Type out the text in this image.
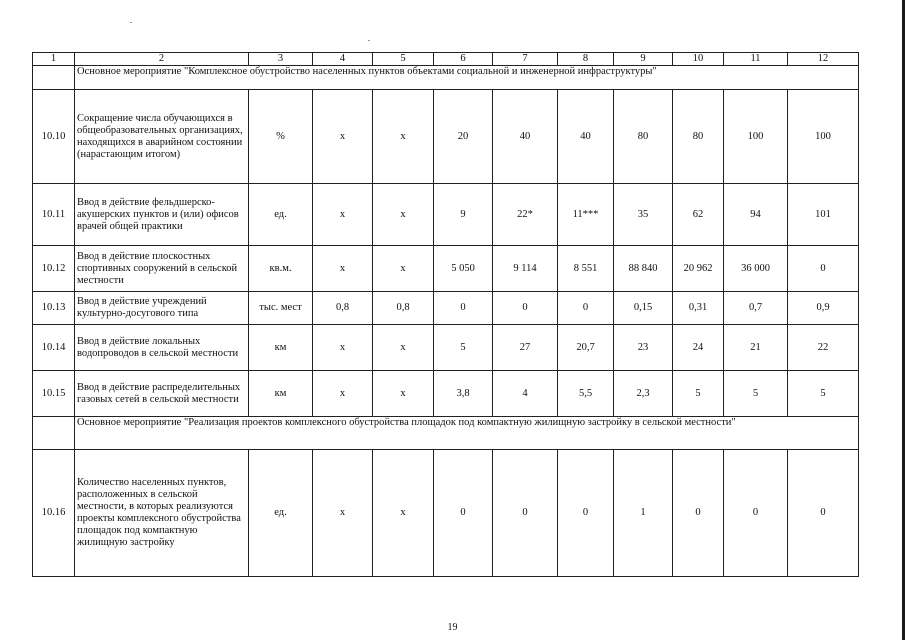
1	2	3	4	5	6	7	8	9	10	11	12
	Основное мероприятие "Комплексное обустройство населенных пунктов объектами социальной и инженерной инфраструктуры"										
10.10	Сокращение числа обучающихся в общеобразовательных организациях, находящихся в аварийном состоянии (нарастающим итогом)	%	х	х	20	40	40	80	80	100	100
10.11	Ввод в действие фельдшерско-акушерских пунктов и (или) офисов врачей общей практики	ед.	х	х	9	22*	11***	35	62	94	101
10.12	Ввод в действие плоскостных спортивных сооружений в сельской местности	кв.м.	х	х	5 050	9 114	8 551	88 840	20 962	36 000	0
10.13	Ввод в действие учреждений культурно-досугового типа	тыс. мест	0,8	0,8	0	0	0	0,15	0,31	0,7	0,9
10.14	Ввод в действие локальных водопроводов в сельской местности	км	х	х	5	27	20,7	23	24	21	22
10.15	Ввод в действие распределительных газовых сетей в сельской местности	км	х	х	3,8	4	5,5	2,3	5	5	5
	Основное мероприятие "Реализация проектов комплексного обустройства площадок под компактную жилищную застройку в сельской местности"										
10.16	Количество населенных пунктов, расположенных в сельской местности, в которых реализуются проекты комплексного обустройства площадок под компактную жилищную застройку	ед.	х	х	0	0	0	1	0	0	0
19
